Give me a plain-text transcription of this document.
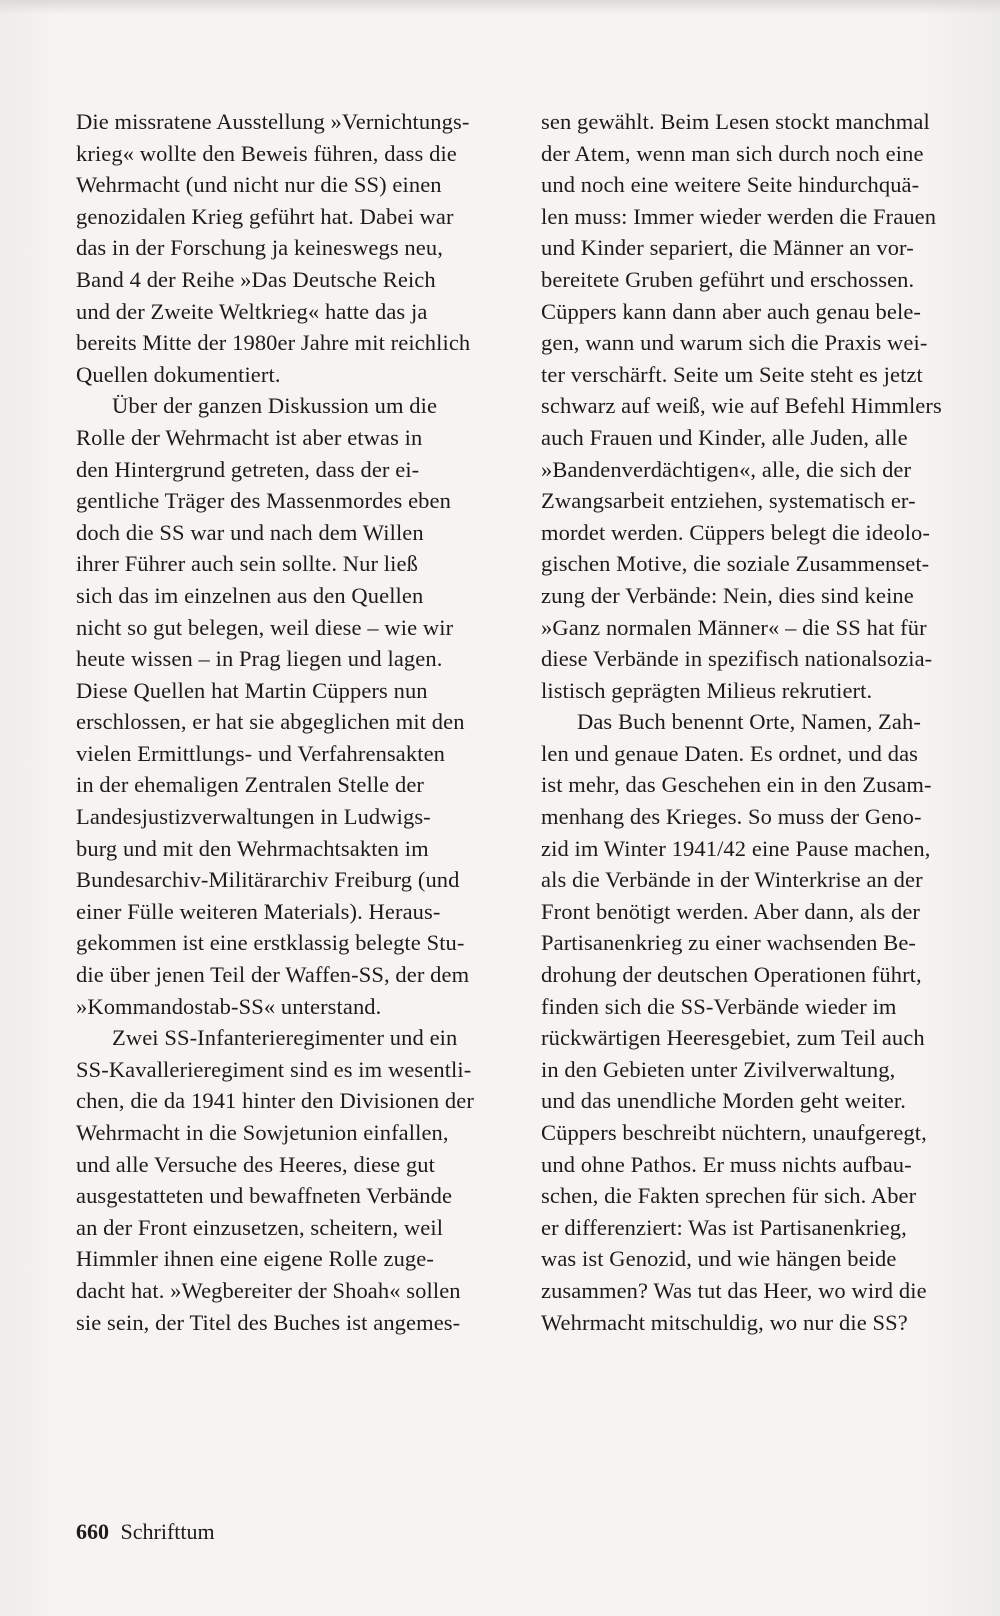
Die missratene Ausstellung »Vernichtungs-
krieg« wollte den Beweis führen, dass die
Wehrmacht (und nicht nur die SS) einen
genozidalen Krieg geführt hat. Dabei war
das in der Forschung ja keineswegs neu,
Band 4 der Reihe »Das Deutsche Reich
und der Zweite Weltkrieg« hatte das ja
bereits Mitte der 1980er Jahre mit reichlich
Quellen dokumentiert.
Über der ganzen Diskussion um die
Rolle der Wehrmacht ist aber etwas in
den Hintergrund getreten, dass der ei-
gentliche Träger des Massenmordes eben
doch die SS war und nach dem Willen
ihrer Führer auch sein sollte. Nur ließ
sich das im einzelnen aus den Quellen
nicht so gut belegen, weil diese – wie wir
heute wissen – in Prag liegen und lagen.
Diese Quellen hat Martin Cüppers nun
erschlossen, er hat sie abgeglichen mit den
vielen Ermittlungs- und Verfahrensakten
in der ehemaligen Zentralen Stelle der
Landesjustizverwaltungen in Ludwigs-
burg und mit den Wehrmachtsakten im
Bundesarchiv-Militärarchiv Freiburg (und
einer Fülle weiteren Materials). Heraus-
gekommen ist eine erstklassig belegte Stu-
die über jenen Teil der Waffen-SS, der dem
»Kommandostab-SS« unterstand.
Zwei SS-Infanterieregimenter und ein
SS-Kavallerieregiment sind es im wesentli-
chen, die da 1941 hinter den Divisionen der
Wehrmacht in die Sowjetunion einfallen,
und alle Versuche des Heeres, diese gut
ausgestatteten und bewaffneten Verbände
an der Front einzusetzen, scheitern, weil
Himmler ihnen eine eigene Rolle zuge-
dacht hat. »Wegbereiter der Shoah« sollen
sie sein, der Titel des Buches ist angemes-
sen gewählt. Beim Lesen stockt manchmal
der Atem, wenn man sich durch noch eine
und noch eine weitere Seite hindurchquä-
len muss: Immer wieder werden die Frauen
und Kinder separiert, die Männer an vor-
bereitete Gruben geführt und erschossen.
Cüppers kann dann aber auch genau bele-
gen, wann und warum sich die Praxis wei-
ter verschärft. Seite um Seite steht es jetzt
schwarz auf weiß, wie auf Befehl Himmlers
auch Frauen und Kinder, alle Juden, alle
»Bandenverdächtigen«, alle, die sich der
Zwangsarbeit entziehen, systematisch er-
mordet werden. Cüppers belegt die ideolo-
gischen Motive, die soziale Zusammenset-
zung der Verbände: Nein, dies sind keine
»Ganz normalen Männer« – die SS hat für
diese Verbände in spezifisch nationalsozia-
listisch geprägten Milieus rekrutiert.
Das Buch benennt Orte, Namen, Zah-
len und genaue Daten. Es ordnet, und das
ist mehr, das Geschehen ein in den Zusam-
menhang des Krieges. So muss der Geno-
zid im Winter 1941/42 eine Pause machen,
als die Verbände in der Winterkrise an der
Front benötigt werden. Aber dann, als der
Partisanenkrieg zu einer wachsenden Be-
drohung der deutschen Operationen führt,
finden sich die SS-Verbände wieder im
rückwärtigen Heeresgebiet, zum Teil auch
in den Gebieten unter Zivilverwaltung,
und das unendliche Morden geht weiter.
Cüppers beschreibt nüchtern, unaufgeregt,
und ohne Pathos. Er muss nichts aufbau-
schen, die Fakten sprechen für sich. Aber
er differenziert: Was ist Partisanenkrieg,
was ist Genozid, und wie hängen beide
zusammen? Was tut das Heer, wo wird die
Wehrmacht mitschuldig, wo nur die SS?
660 Schrifttum
